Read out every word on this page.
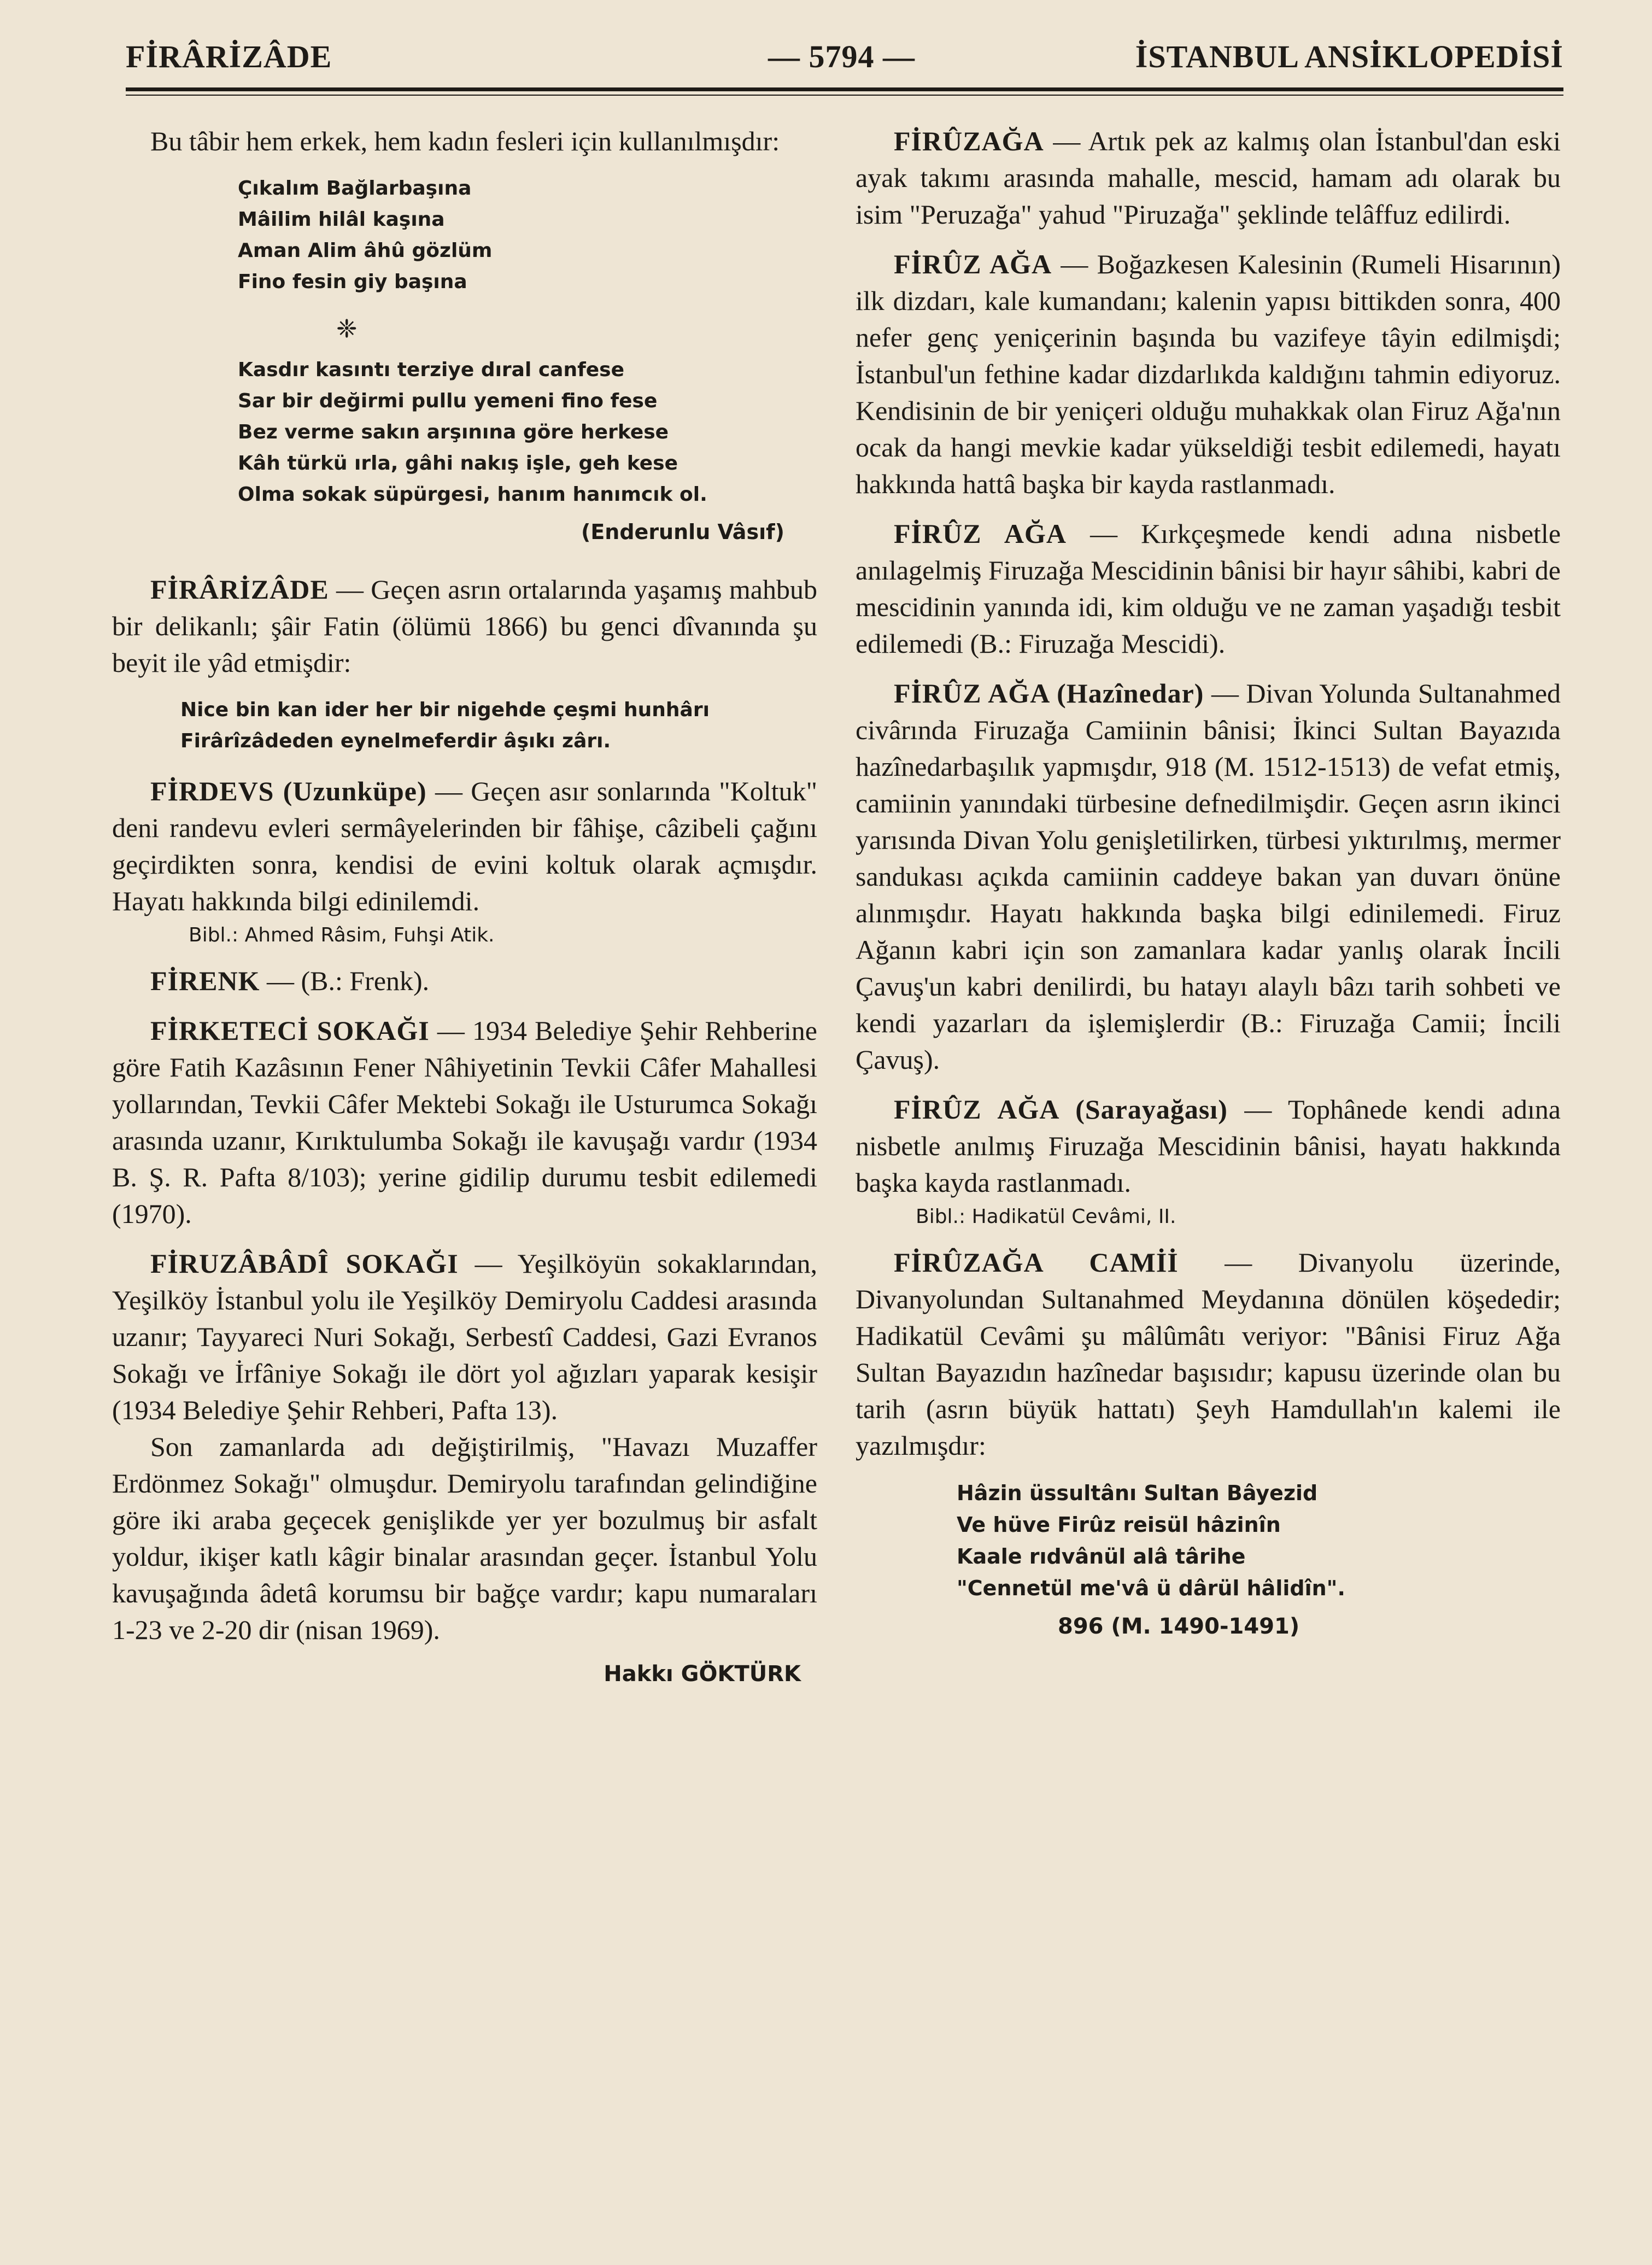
FİRÂRİZÂDE	— 5794 —	İSTANBUL ANSİKLOPEDİSİ

Bu tâbir hem erkek, hem kadın fesleri için kullanılmışdır:

Çıkalım Bağlarbaşına
Mâilim hilâl kaşına
Aman Alim âhû gözlüm
Fino fesin giy başına
❈
Kasdır kasıntı terziye dıral canfese
Sar bir değirmi pullu yemeni fino fese
Bez verme sakın arşınına göre herkese
Kâh türkü ırla, gâhi nakış işle, geh kese
Olma sokak süpürgesi, hanım hanımcık ol.
(Enderunlu Vâsıf)

FİRÂRİZÂDE — Geçen asrın ortalarında yaşamış mahbub bir delikanlı; şâir Fatin (ölümü 1866) bu genci dîvanında şu beyit ile yâd etmişdir:

Nice bin kan ider her bir nigehde çeşmi hunhârı
Firârîzâdeden eynelmeferdir âşıkı zârı.

FİRDEVS (Uzunküpe) — Geçen asır sonlarında "Koltuk" deni randevu evleri sermâyelerinden bir fâhişe, câzibeli çağını geçirdikten sonra, kendisi de evini koltuk olarak açmışdır. Hayatı hakkında bilgi edinilemdi.

Bibl.: Ahmed Râsim, Fuhşi Atik.

FİRENK — (B.: Frenk).

FİRKETECİ SOKAĞI — 1934 Belediye Şehir Rehberine göre Fatih Kazâsının Fener Nâhiyetinin Tevkii Câfer Mahallesi yollarından, Tevkii Câfer Mektebi Sokağı ile Usturumca Sokağı arasında uzanır, Kırıktulumba Sokağı ile kavuşağı vardır (1934 B. Ş. R. Pafta 8/103); yerine gidilip durumu tesbit edilemedi (1970).

FİRUZÂBÂDÎ SOKAĞI — Yeşilköyün sokaklarından, Yeşilköy İstanbul yolu ile Yeşilköy Demiryolu Caddesi arasında uzanır; Tayyareci Nuri Sokağı, Serbestî Caddesi, Gazi Evranos Sokağı ve İrfâniye Sokağı ile dört yol ağızları yaparak kesişir (1934 Belediye Şehir Rehberi, Pafta 13).

Son zamanlarda adı değiştirilmiş, "Havazı Muzaffer Erdönmez Sokağı" olmuşdur. Demiryolu tarafından gelindiğine göre iki araba geçecek genişlikde yer yer bozulmuş bir asfalt yoldur, ikişer katlı kâgir binalar arasından geçer. İstanbul Yolu kavuşağında âdetâ korumsu bir bağçe vardır; kapu numaraları 1-23 ve 2-20 dir (nisan 1969).

Hakkı GÖKTÜRK

FİRÛZAĞA — Artık pek az kalmış olan İstanbul'dan eski ayak takımı arasında mahalle, mescid, hamam adı olarak bu isim "Peruzağa" yahud "Piruzağa" şeklinde telâffuz edilirdi.

FİRÛZ AĞA — Boğazkesen Kalesinin (Rumeli Hisarının) ilk dizdarı, kale kumandanı; kalenin yapısı bittikden sonra, 400 nefer genç yeniçerinin başında bu vazifeye tâyin edilmişdi; İstanbul'un fethine kadar dizdarlıkda kaldığını tahmin ediyoruz. Kendisinin de bir yeniçeri olduğu muhakkak olan Firuz Ağa'nın ocak da hangi mevkie kadar yükseldiği tesbit edilemedi, hayatı hakkında hattâ başka bir kayda rastlanmadı.

FİRÛZ AĞA — Kırkçeşmede kendi adına nisbetle anılagelmiş Firuzağa Mescidinin bânisi bir hayır sâhibi, kabri de mescidinin yanında idi, kim olduğu ve ne zaman yaşadığı tesbit edilemedi (B.: Firuzağa Mescidi).

FİRÛZ AĞA (Hazînedar) — Divan Yolunda Sultanahmed civârında Firuzağa Camiinin bânisi; İkinci Sultan Bayazıda hazînedarbaşılık yapmışdır, 918 (M. 1512-1513) de vefat etmiş, camiinin yanındaki türbesine defnedilmişdir. Geçen asrın ikinci yarısında Divan Yolu genişletilirken, türbesi yıktırılmış, mermer sandukası açıkda camiinin caddeye bakan yan duvarı önüne alınmışdır. Hayatı hakkında başka bilgi edinilemedi. Firuz Ağanın kabri için son zamanlara kadar yanlış olarak İncili Çavuş'un kabri denilirdi, bu hatayı alaylı bâzı tarih sohbeti ve kendi yazarları da işlemişlerdir (B.: Firuzağa Camii; İncili Çavuş).

FİRÛZ AĞA (Sarayağası) — Tophânede kendi adına nisbetle anılmış Firuzağa Mescidinin bânisi, hayatı hakkında başka kayda rastlanmadı.

Bibl.: Hadikatül Cevâmi, II.

FİRÛZAĞA CAMİİ — Divanyolu üzerinde, Divanyolundan Sultanahmed Meydanına dönülen köşededir; Hadikatül Cevâmi şu mâlûmâtı veriyor: "Bânisi Firuz Ağa Sultan Bayazıdın hazînedar başısıdır; kapusu üzerinde olan bu tarih (asrın büyük hattatı) Şeyh Hamdullah'ın kalemi ile yazılmışdır:

Hâzin üssultânı Sultan Bâyezid
Ve hüve Firûz reisül hâzinîn
Kaale rıdvânül alâ târihe
"Cennetül me'vâ ü dârül hâlidîn".
896 (M. 1490-1491)
